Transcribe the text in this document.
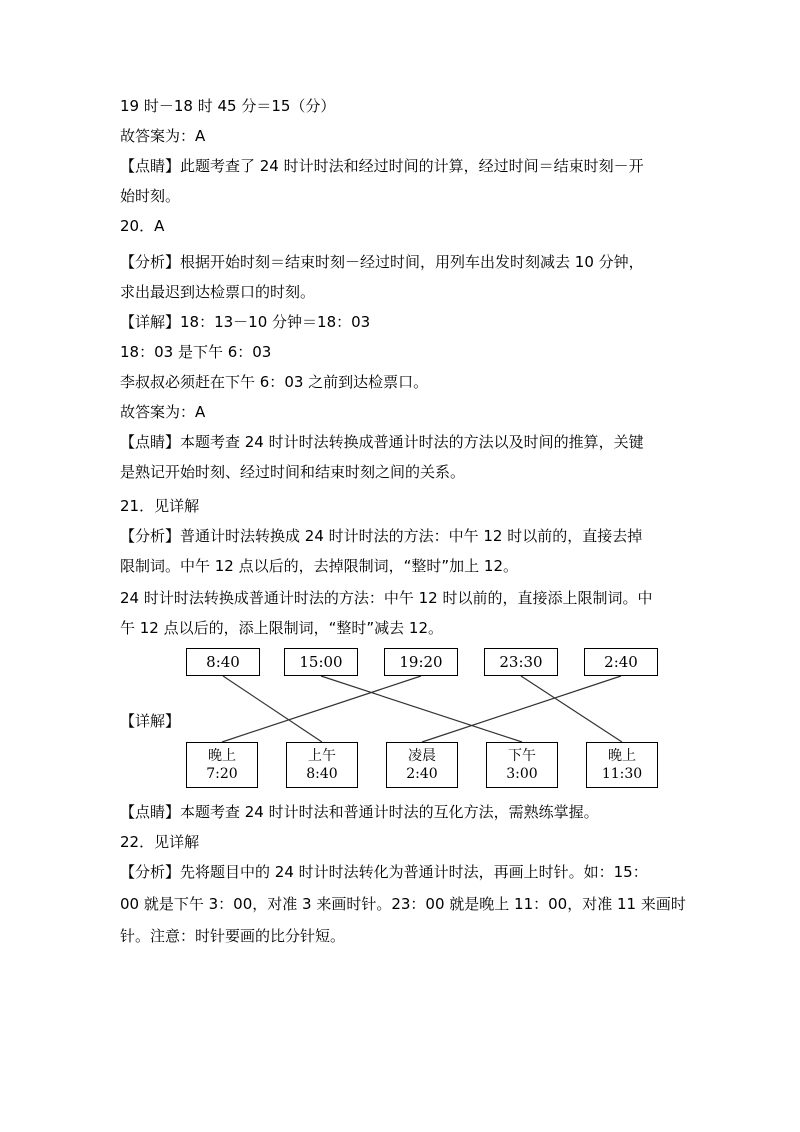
19 时－18 时 45 分＝15（分）
故答案为：A
【点睛】此题考查了 24 时计时法和经过时间的计算，经过时间＝结束时刻－开
始时刻。
20．A
【分析】根据开始时刻＝结束时刻－经过时间，用列车出发时刻减去 10 分钟，
求出最迟到达检票口的时刻。
【详解】18：13－10 分钟＝18：03
18：03 是下午 6：03
李叔叔必须赶在下午 6：03 之前到达检票口。
故答案为：A
【点睛】本题考查 24 时计时法转换成普通计时法的方法以及时间的推算，关键
是熟记开始时刻、经过时间和结束时刻之间的关系。
21．见详解
【分析】普通计时法转换成 24 时计时法的方法：中午 12 时以前的，直接去掉
限制词。中午 12 点以后的，去掉限制词，“整时”加上 12。
24 时计时法转换成普通计时法的方法：中午 12 时以前的，直接添上限制词。中
午 12 点以后的，添上限制词，“整时”减去 12。
【详解】
8:40	15:00	19:20	23:30	2:40
晚上
7:20
上午
8:40
凌晨
2:40
下午
3:00
晚上
11:30
【点睛】本题考查 24 时计时法和普通计时法的互化方法，需熟练掌握。
22．见详解
【分析】先将题目中的 24 时计时法转化为普通计时法，再画上时针。如：15：
00 就是下午 3：00，对准 3 来画时针。23：00 就是晚上 11：00，对准 11 来画时
针。注意：时针要画的比分针短。
